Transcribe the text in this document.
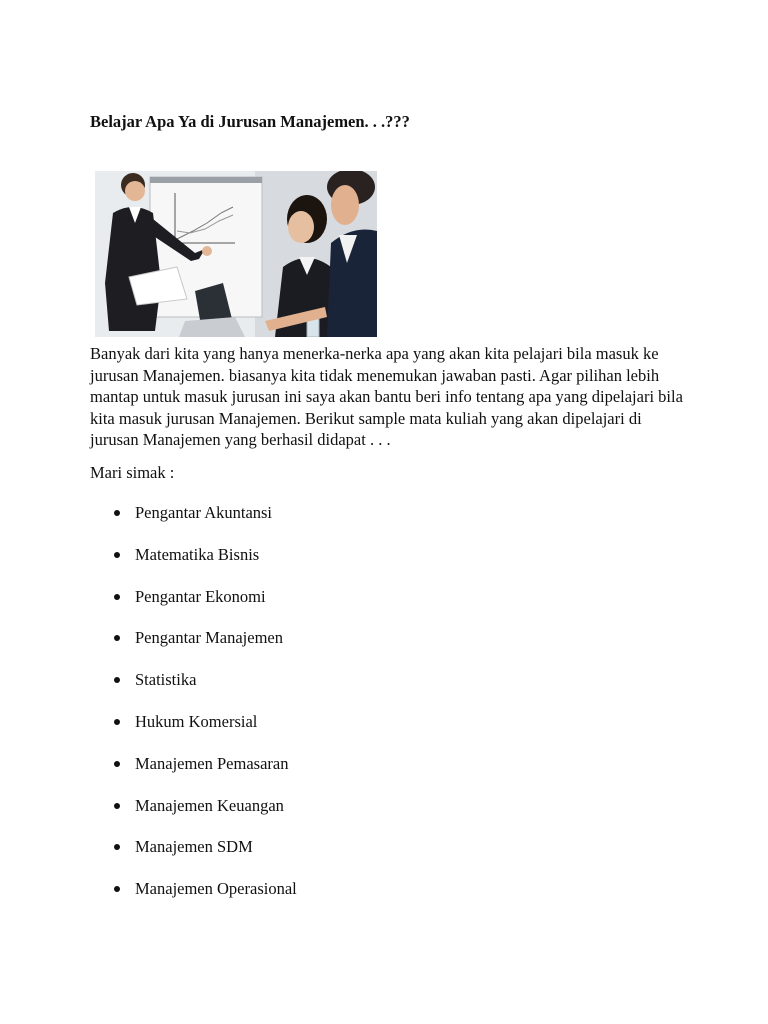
Belajar Apa Ya di Jurusan Manajemen. . .???

Banyak dari kita yang hanya menerka-nerka apa yang akan kita pelajari bila masuk ke jurusan Manajemen. biasanya kita tidak menemukan jawaban pasti. Agar pilihan lebih mantap untuk masuk jurusan ini saya akan bantu beri info tentang apa yang dipelajari bila kita masuk jurusan Manajemen. Berikut sample mata kuliah yang akan dipelajari di jurusan Manajemen yang berhasil didapat . . .

Mari simak :

Pengantar Akuntansi
Matematika Bisnis
Pengantar Ekonomi
Pengantar Manajemen
Statistika
Hukum Komersial
Manajemen Pemasaran
Manajemen Keuangan
Manajemen SDM
Manajemen Operasional
